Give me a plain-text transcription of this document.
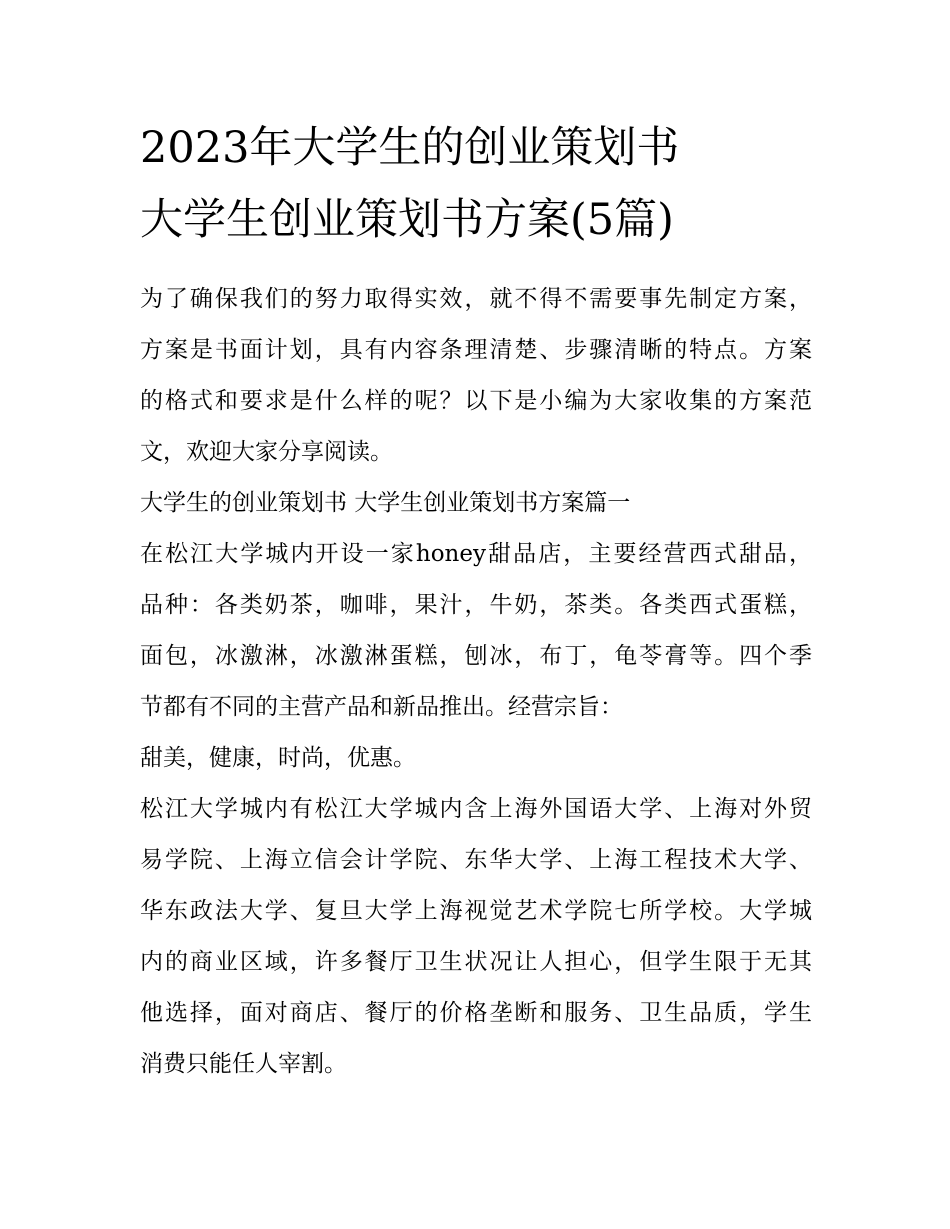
2023年大学生的创业策划书
大学生创业策划书方案(5篇)
为了确保我们的努力取得实效，就不得不需要事先制定方案，
方案是书面计划，具有内容条理清楚、步骤清晰的特点。方案
的格式和要求是什么样的呢？以下是小编为大家收集的方案范
文，欢迎大家分享阅读。
大学生的创业策划书 大学生创业策划书方案篇一
在松江大学城内开设一家honey甜品店，主要经营西式甜品，
品种：各类奶茶，咖啡，果汁，牛奶，茶类。各类西式蛋糕，
面包，冰激淋，冰激淋蛋糕，刨冰，布丁，龟苓膏等。四个季
节都有不同的主营产品和新品推出。经营宗旨：
甜美，健康，时尚，优惠。
松江大学城内有松江大学城内含上海外国语大学、上海对外贸
易学院、上海立信会计学院、东华大学、上海工程技术大学、
华东政法大学、复旦大学上海视觉艺术学院七所学校。大学城
内的商业区域，许多餐厅卫生状况让人担心，但学生限于无其
他选择，面对商店、餐厅的价格垄断和服务、卫生品质，学生
消费只能任人宰割。
